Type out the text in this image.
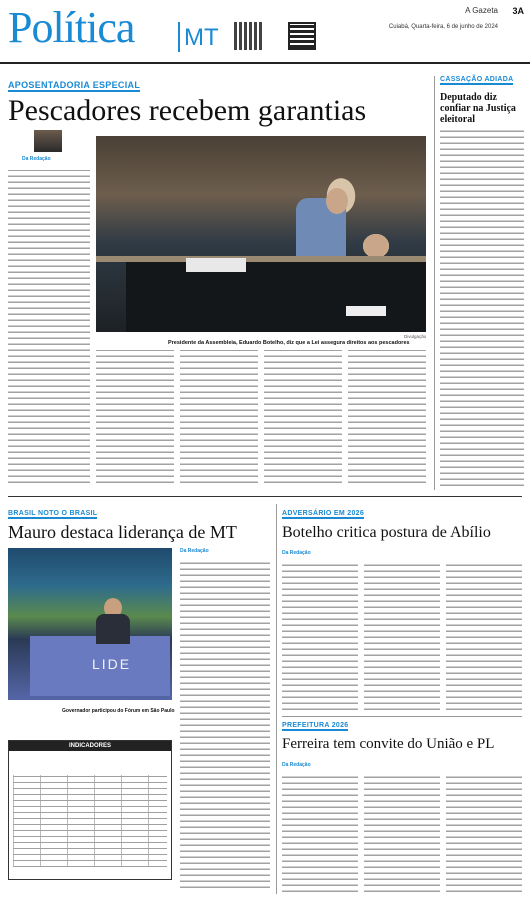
Política MT
A Gazeta
Cuiabá, Quarta-feira, 6 de junho de 2024
3A
APOSENTADORIA ESPECIAL
Pescadores recebem garantias
Da Redação
Divulgação
Presidente da Assembleia, Eduardo Botelho, diz que a Lei assegura direitos aos pescadores
CASSAÇÃO ADIADA
Deputado diz confiar na Justiça eleitoral
BRASIL NOTO O BRASIL
Mauro destaca liderança de MT
LIDE
Governador participou do Fórum em São Paulo
Da Redação
INDICADORES
ADVERSÁRIO EM 2026
Botelho critica postura de Abílio
Da Redação
PREFEITURA 2026
Ferreira tem convite do União e PL
Da Redação
